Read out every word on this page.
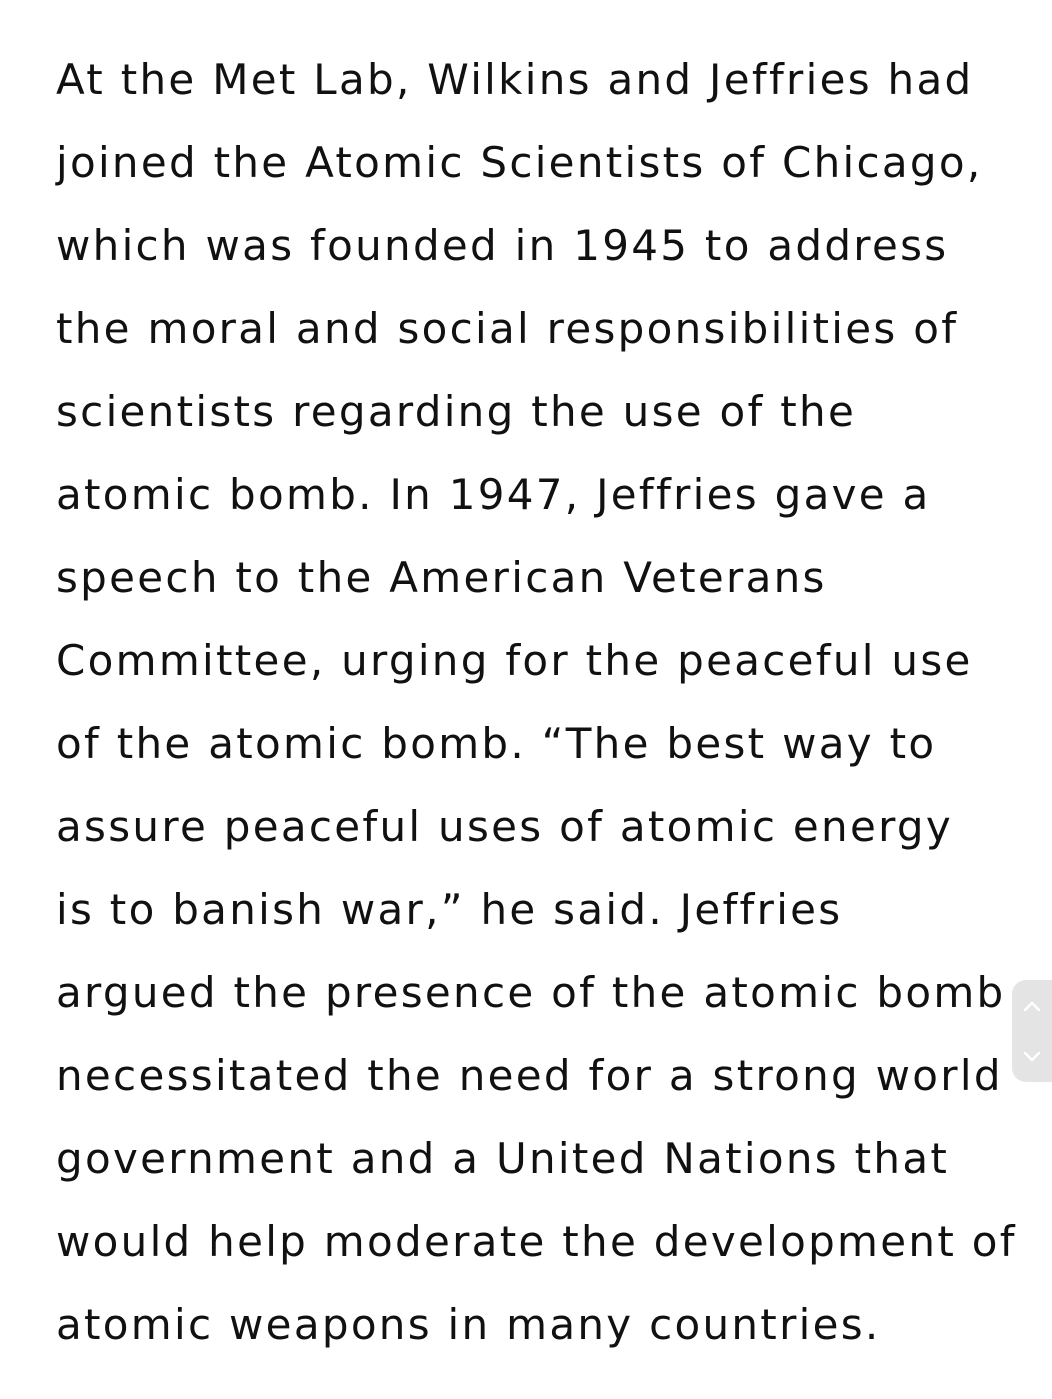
At the Met Lab, Wilkins and Jeffries had
joined the Atomic Scientists of Chicago,
which was founded in 1945 to address
the moral and social responsibilities of
scientists regarding the use of the
atomic bomb. In 1947, Jeffries gave a
speech to the American Veterans
Committee, urging for the peaceful use
of the atomic bomb. “The best way to
assure peaceful uses of atomic energy
is to banish war,” he said. Jeffries
argued the presence of the atomic bomb
necessitated the need for a strong world
government and a United Nations that
would help moderate the development of
atomic weapons in many countries.
